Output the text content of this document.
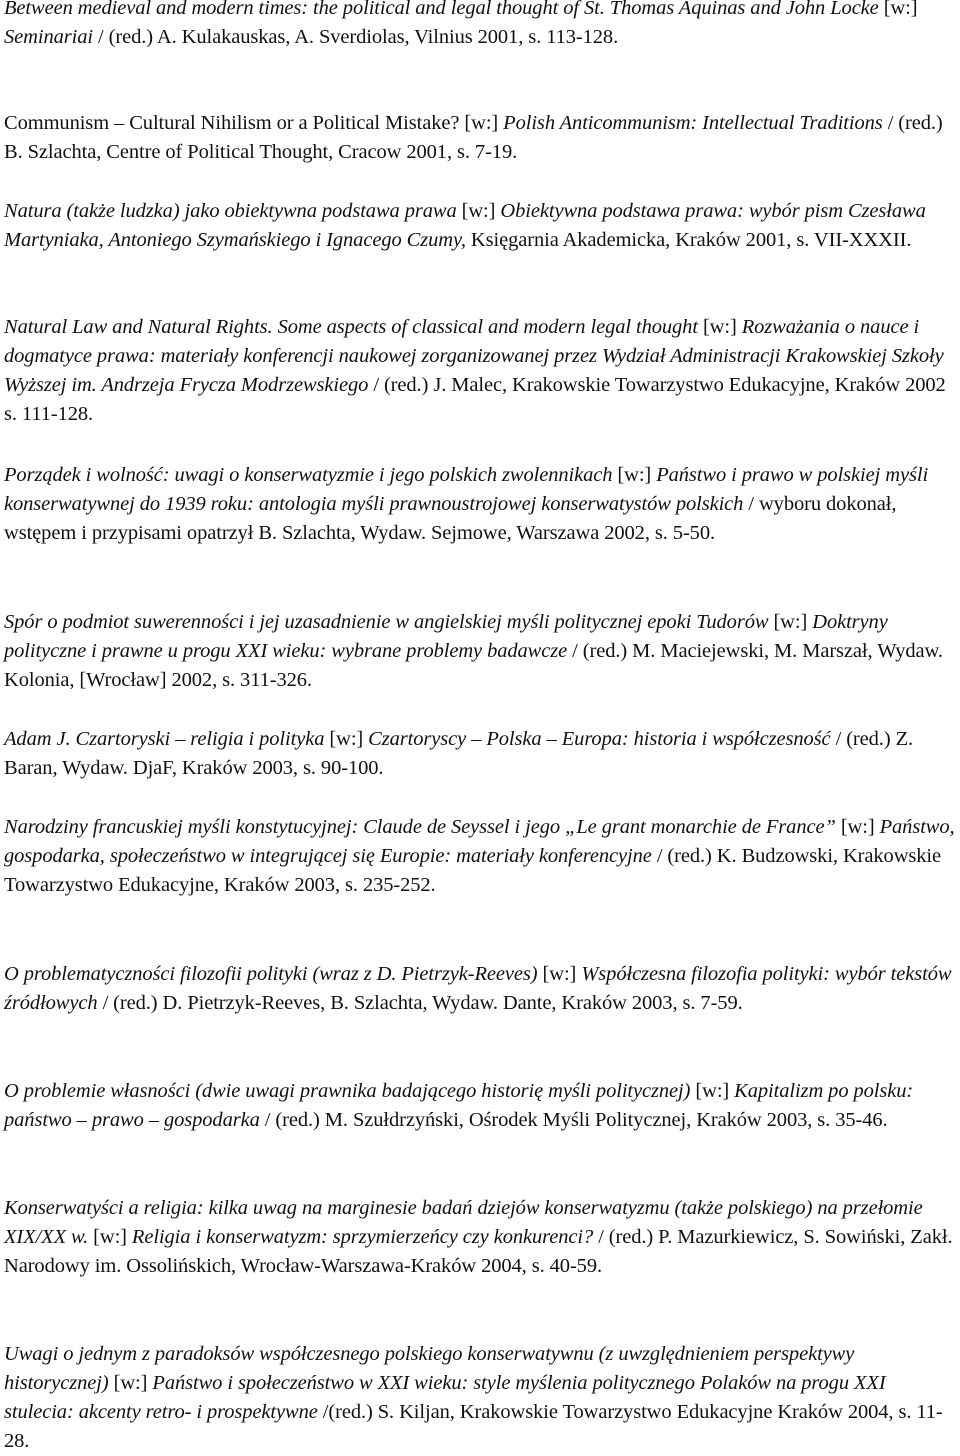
Between medieval and modern times: the political and legal thought of St. Thomas Aquinas and John Locke [w:] Seminariai / (red.) A. Kulakauskas, A. Sverdiolas, Vilnius 2001, s. 113-128.

Communism – Cultural Nihilism or a Political Mistake? [w:] Polish Anticommunism: Intellectual Traditions / (red.) B. Szlachta, Centre of Political Thought, Cracow 2001, s. 7-19.

Natura (także ludzka) jako obiektywna podstawa prawa [w:] Obiektywna podstawa prawa: wybór pism Czesława Martyniaka, Antoniego Szymańskiego i Ignacego Czumy, Księgarnia Akademicka, Kraków 2001, s. VII-XXXII.

Natural Law and Natural Rights. Some aspects of classical and modern legal thought [w:] Rozważania o nauce i dogmatyce prawa: materiały konferencji naukowej zorganizowanej przez Wydział Administracji Krakowskiej Szkoły Wyższej im. Andrzeja Frycza Modrzewskiego / (red.) J. Malec, Krakowskie Towarzystwo Edukacyjne, Kraków 2002 s. 111-128.

Porządek i wolność: uwagi o konserwatyzmie i jego polskich zwolennikach [w:] Państwo i prawo w polskiej myśli konserwatywnej do 1939 roku: antologia myśli prawnoustrojowej konserwatystów polskich / wyboru dokonał, wstępem i przypisami opatrzył B. Szlachta, Wydaw. Sejmowe, Warszawa 2002, s. 5-50.

Spór o podmiot suwerenności i jej uzasadnienie w angielskiej myśli politycznej epoki Tudorów [w:] Doktryny polityczne i prawne u progu XXI wieku: wybrane problemy badawcze / (red.) M. Maciejewski, M. Marszał, Wydaw. Kolonia, [Wrocław] 2002, s. 311-326.

Adam J. Czartoryski – religia i polityka [w:] Czartoryscy – Polska – Europa: historia i współczesność / (red.) Z. Baran, Wydaw. DjaF, Kraków 2003, s. 90-100.

Narodziny francuskiej myśli konstytucyjnej: Claude de Seyssel i jego „Le grant monarchie de France” [w:] Państwo, gospodarka, społeczeństwo w integrującej się Europie: materiały konferencyjne / (red.) K. Budzowski, Krakowskie Towarzystwo Edukacyjne, Kraków 2003, s. 235-252.

O problematyczności filozofii polityki (wraz z D. Pietrzyk-Reeves) [w:] Współczesna filozofia polityki: wybór tekstów źródłowych / (red.) D. Pietrzyk-Reeves, B. Szlachta, Wydaw. Dante, Kraków 2003, s. 7-59.

O problemie własności (dwie uwagi prawnika badającego historię myśli politycznej) [w:] Kapitalizm po polsku: państwo – prawo – gospodarka / (red.) M. Szułdrzyński, Ośrodek Myśli Politycznej, Kraków 2003, s. 35-46.

Konserwatyści a religia: kilka uwag na marginesie badań dziejów konserwatyzmu (także polskiego) na przełomie XIX/XX w. [w:] Religia i konserwatyzm: sprzymierzeńcy czy konkurenci? / (red.) P. Mazurkiewicz, S. Sowiński, Zakł. Narodowy im. Ossolińskich, Wrocław-Warszawa-Kraków 2004, s. 40-59.

Uwagi o jednym z paradoksów współczesnego polskiego konserwatywnu (z uwzględnieniem perspektywy historycznej) [w:] Państwo i społeczeństwo w XXI wieku: style myślenia politycznego Polaków na progu XXI stulecia: akcenty retro- i prospektywne /(red.) S. Kiljan, Krakowskie Towarzystwo Edukacyjne Kraków 2004, s. 11-28.
